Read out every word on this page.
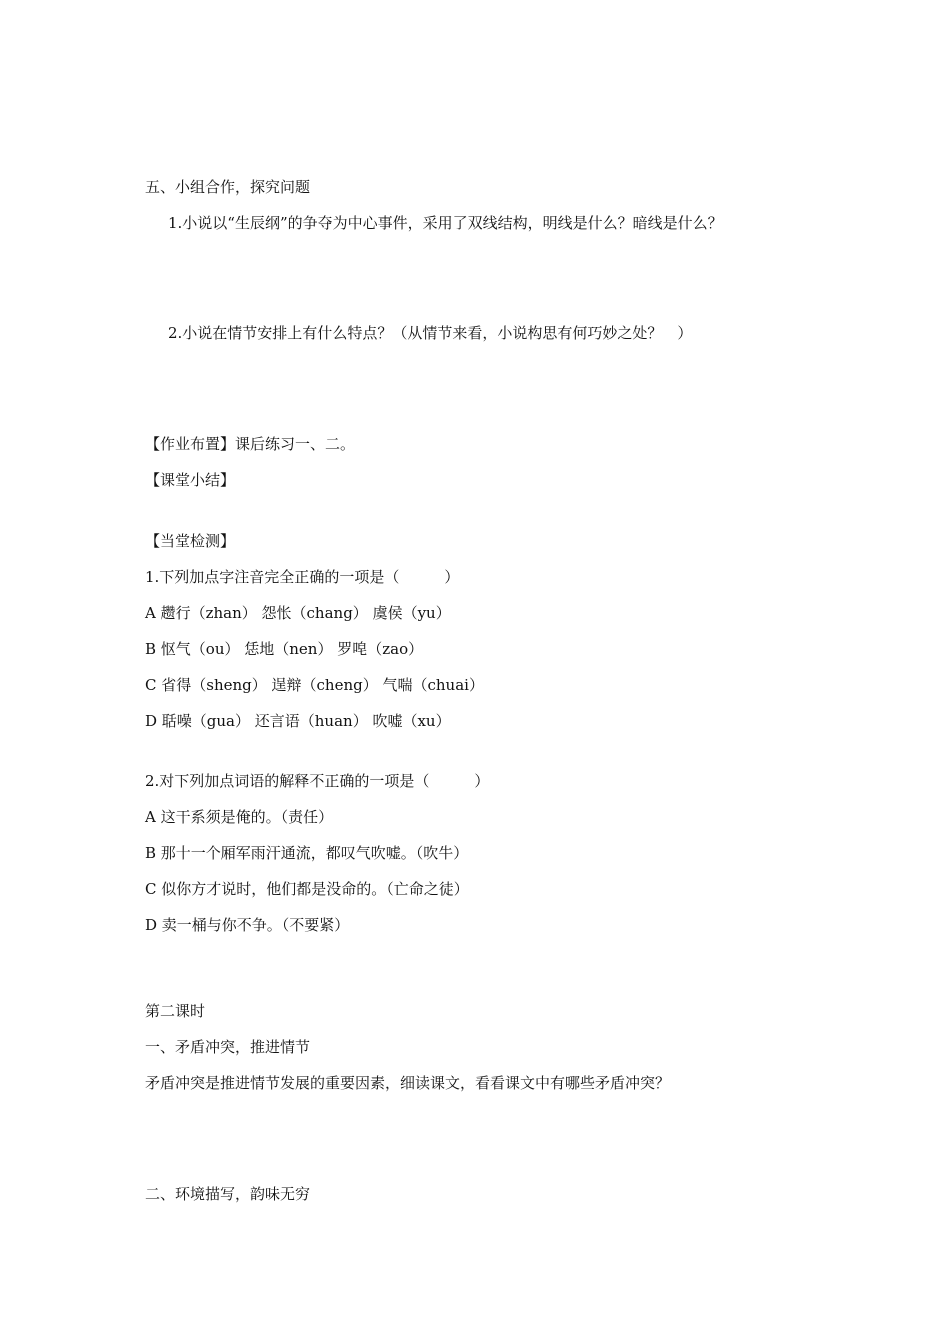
五、小组合作，探究问题
1.小说以“生辰纲”的争夺为中心事件，采用了双线结构，明线是什么？暗线是什么？
2.小说在情节安排上有什么特点？（从情节来看，小说构思有何巧妙之处？　）
【作业布置】课后练习一、二。
【课堂小结】
【当堂检测】
1.下列加点字注音完全正确的一项是（　　　）
A 趱行（zhan） 怨怅（chang） 虞侯（yu）
B 怄气（ou） 恁地（nen） 罗唣（zao）
C 省得（sheng） 逞辩（cheng） 气喘（chuai）
D 聒噪（gua） 还言语（huan） 吹嘘（xu）
2.对下列加点词语的解释不正确的一项是（　　　）
A 这干系须是俺的。（责任）
B 那十一个厢军雨汗通流，都叹气吹嘘。（吹牛）
C 似你方才说时，他们都是没命的。（亡命之徒）
D 卖一桶与你不争。（不要紧）
第二课时
一、矛盾冲突，推进情节
矛盾冲突是推进情节发展的重要因素，细读课文，看看课文中有哪些矛盾冲突？
二、环境描写，韵味无穷
